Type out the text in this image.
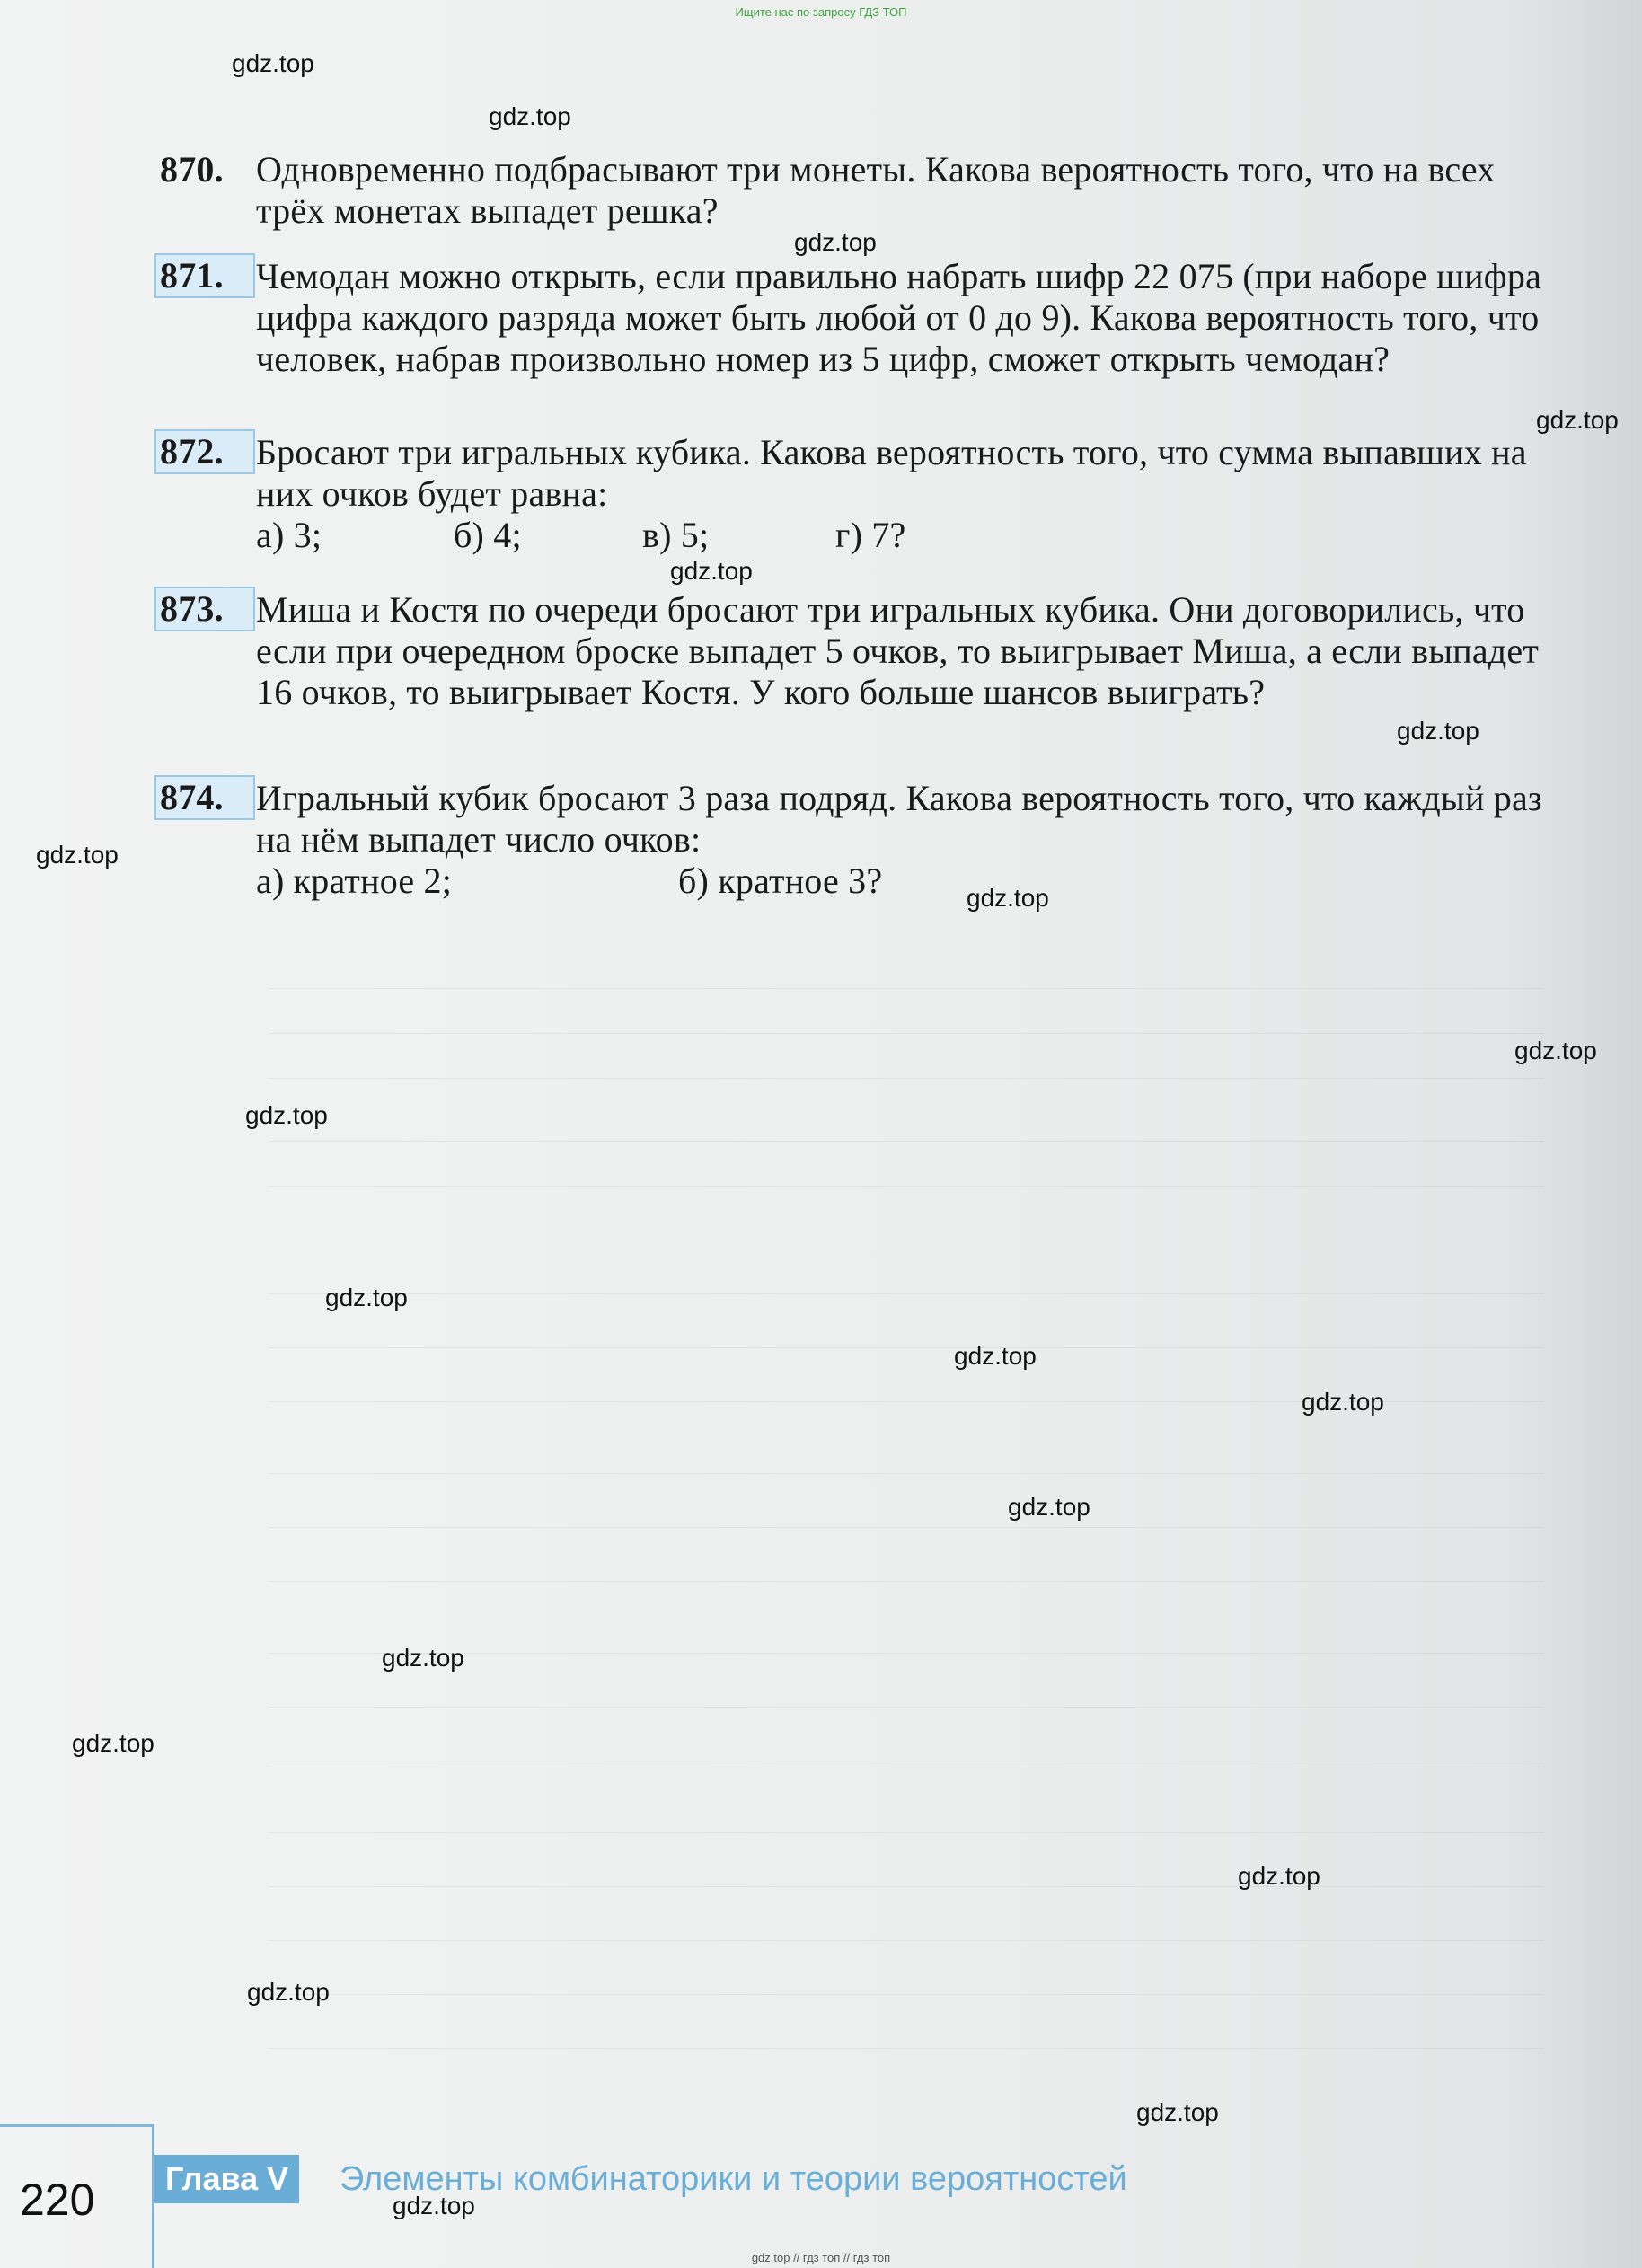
Ищите нас по запросу ГДЗ ТОП
870. Одновременно подбрасывают три монеты. Какова вероятность того, что на всех трёх монетах выпадет решка?
871. Чемодан можно открыть, если правильно набрать шифр 22 075 (при наборе шифра цифра каждого разряда может быть любой от 0 до 9). Какова вероятность того, что человек, набрав произвольно номер из 5 цифр, сможет открыть чемодан?
872. Бросают три игральных кубика. Какова вероятность того, что сумма выпавших на них очков будет равна:
а) 3;	б) 4;	в) 5;	г) 7?
873. Миша и Костя по очереди бросают три игральных кубика. Они договорились, что если при очередном броске выпадет 5 очков, то выигрывает Миша, а если выпадет 16 очков, то выигрывает Костя. У кого больше шансов выиграть?
874. Игральный кубик бросают 3 раза подряд. Какова вероятность того, что каждый раз на нём выпадет число очков:
а) кратное 2;	б) кратное 3?
gdz.top
gdz.top
gdz.top
gdz.top
gdz.top
gdz.top
gdz.top
gdz.top
gdz.top
gdz.top
gdz.top
gdz.top
gdz.top
gdz.top
gdz.top
gdz.top
gdz.top
gdz.top
gdz.top
gdz.top
220	Глава V	Элементы комбинаторики и теории вероятностей
gdz top // гдз топ // гдз топ
